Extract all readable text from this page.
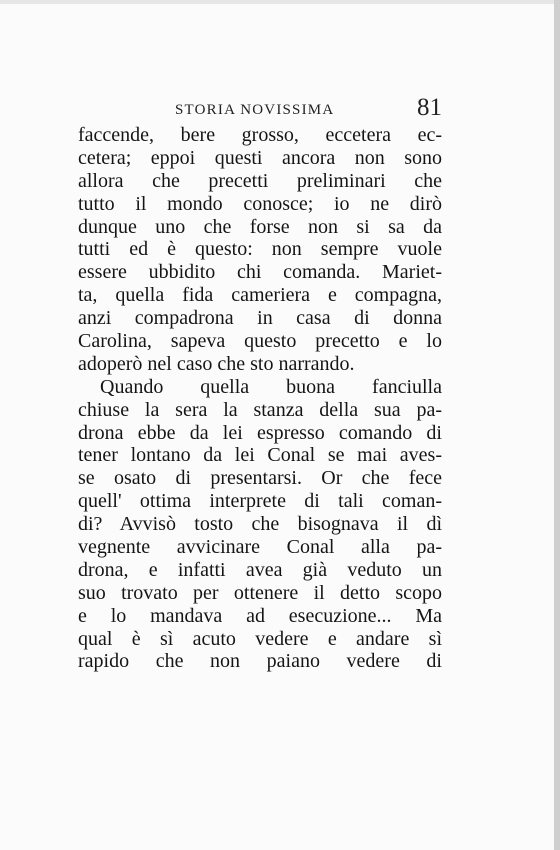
STORIA NOVISSIMA	81
faccende, bere grosso, eccetera ec-
cetera; eppoi questi ancora non sono
allora che precetti preliminari che
tutto il mondo conosce; io ne dirò
dunque uno che forse non si sa da
tutti ed è questo: non sempre vuole
essere ubbidito chi comanda. Mariet-
ta, quella fida cameriera e compagna,
anzi compadrona in casa di donna
Carolina, sapeva questo precetto e lo
adoperò nel caso che sto narrando.
Quando quella buona fanciulla
chiuse la sera la stanza della sua pa-
drona ebbe da lei espresso comando di
tener lontano da lei Conal se mai aves-
se osato di presentarsi. Or che fece
quell' ottima interprete di tali coman-
di? Avvisò tosto che bisognava il dì
vegnente avvicinare Conal alla pa-
drona, e infatti avea già veduto un
suo trovato per ottenere il detto scopo
e lo mandava ad esecuzione... Ma
qual è sì acuto vedere e andare sì
rapido che non paiano vedere di
